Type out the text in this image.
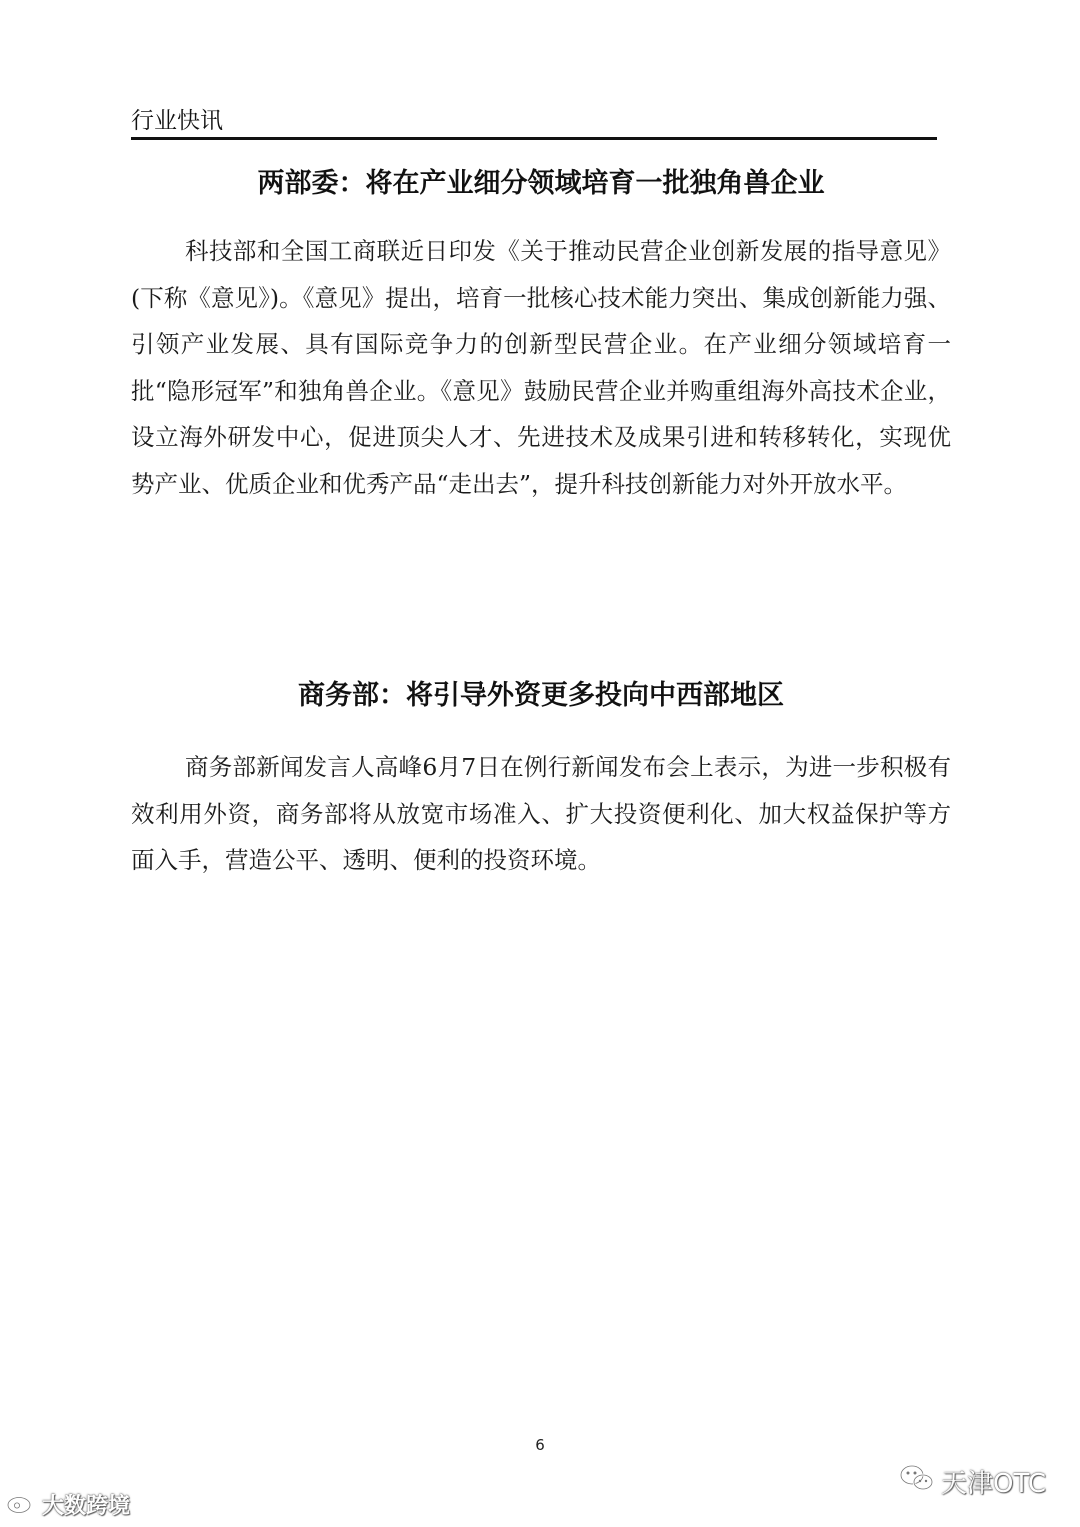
行业快讯
两部委：将在产业细分领域培育一批独角兽企业

科技部和全国工商联近日印发《关于推动民营企业创新发展的指导意见》(下称《意见》)。《意见》提出，培育一批核心技术能力突出、集成创新能力强、引领产业发展、具有国际竞争力的创新型民营企业。在产业细分领域培育一批“隐形冠军”和独角兽企业。《意见》鼓励民营企业并购重组海外高技术企业，设立海外研发中心，促进顶尖人才、先进技术及成果引进和转移转化，实现优势产业、优质企业和优秀产品“走出去”，提升科技创新能力对外开放水平。

商务部：将引导外资更多投向中西部地区

商务部新闻发言人高峰6月7日在例行新闻发布会上表示，为进一步积极有效利用外资，商务部将从放宽市场准入、扩大投资便利化、加大权益保护等方面入手，营造公平、透明、便利的投资环境。

6
大数跨境
天津OTC
